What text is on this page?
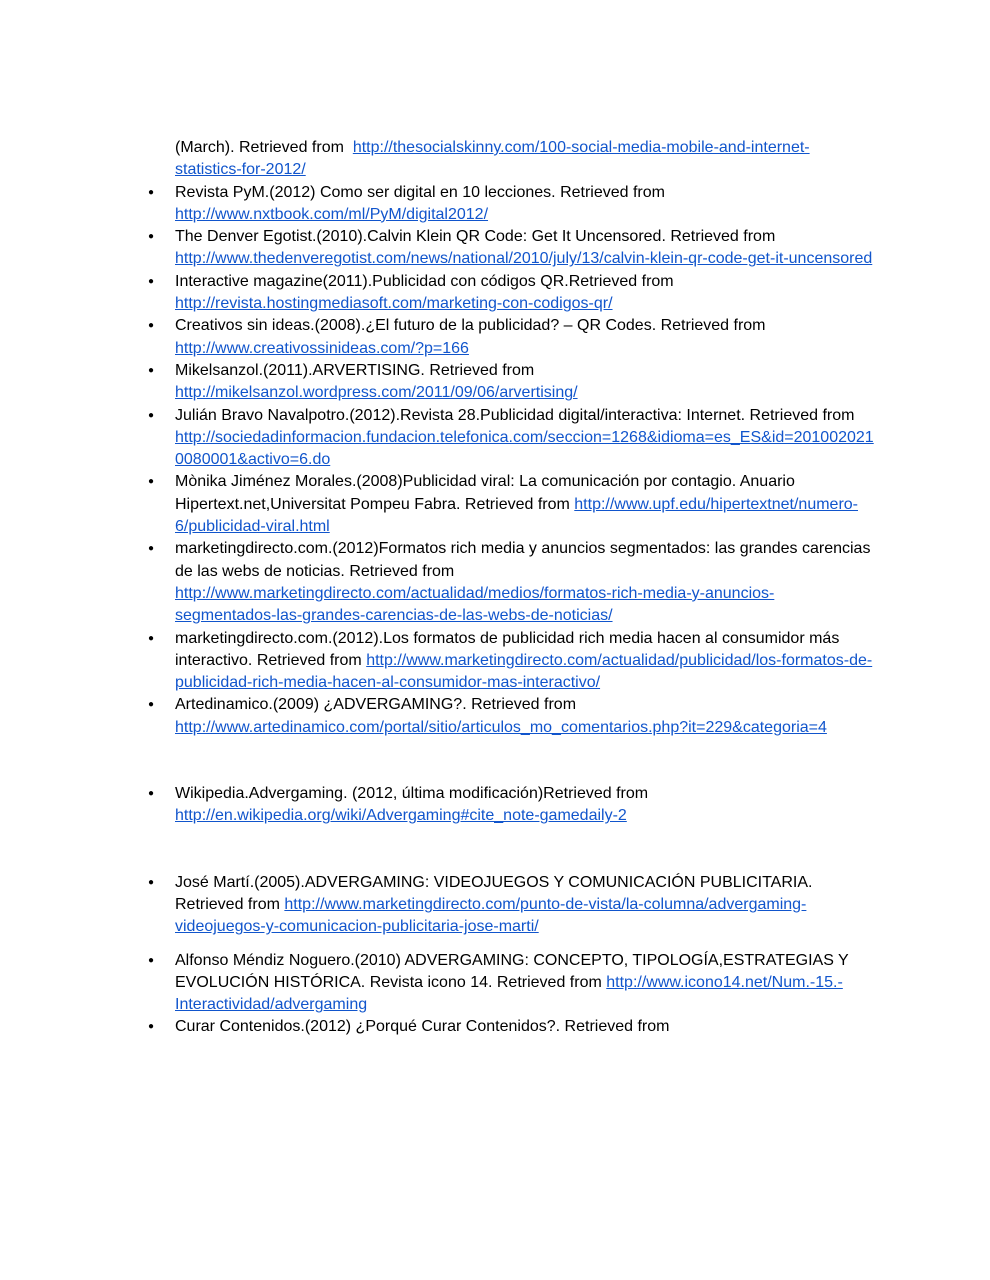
(March). Retrieved from  http://thesocialskinny.com/100-social-media-mobile-and-internet-statistics-for-2012/
● Revista PyM.(2012) Como ser digital en 10 lecciones. Retrieved from http://www.nxtbook.com/ml/PyM/digital2012/
● The Denver Egotist.(2010).Calvin Klein QR Code: Get It Uncensored. Retrieved from http://www.thedenveregotist.com/news/national/2010/july/13/calvin-klein-qr-code-get-it-uncensored
● Interactive magazine(2011).Publicidad con códigos QR.Retrieved from http://revista.hostingmediasoft.com/marketing-con-codigos-qr/
● Creativos sin ideas.(2008).¿El futuro de la publicidad? – QR Codes. Retrieved from  http://www.creativossinideas.com/?p=166
● Mikelsanzol.(2011).ARVERTISING. Retrieved from http://mikelsanzol.wordpress.com/2011/09/06/arvertising/
● Julián Bravo Navalpotro.(2012).Revista 28.Publicidad digital/interactiva: Internet. Retrieved from http://sociedadinformacion.fundacion.telefonica.com/seccion=1268&idioma=es_ES&id=2010020210080001&activo=6.do
● Mònika Jiménez Morales.(2008)Publicidad viral: La comunicación por contagio. Anuario Hipertext.net,Universitat Pompeu Fabra. Retrieved from http://www.upf.edu/hipertextnet/numero-6/publicidad-viral.html
● marketingdirecto.com.(2012)Formatos rich media y anuncios segmentados: las grandes carencias de las webs de noticias. Retrieved from http://www.marketingdirecto.com/actualidad/medios/formatos-rich-media-y-anuncios-segmentados-las-grandes-carencias-de-las-webs-de-noticias/
● marketingdirecto.com.(2012).Los formatos de publicidad rich media hacen al consumidor más interactivo. Retrieved from http://www.marketingdirecto.com/actualidad/publicidad/los-formatos-de-publicidad-rich-media-hacen-al-consumidor-mas-interactivo/
● Artedinamico.(2009) ¿ADVERGAMING?. Retrieved from http://www.artedinamico.com/portal/sitio/articulos_mo_comentarios.php?it=229&categoria=4
● Wikipedia.Advergaming. (2012, última modificación)Retrieved from http://en.wikipedia.org/wiki/Advergaming#cite_note-gamedaily-2
● José Martí.(2005).ADVERGAMING: VIDEOJUEGOS Y COMUNICACIÓN PUBLICITARIA. Retrieved from http://www.marketingdirecto.com/punto-de-vista/la-columna/advergaming-videojuegos-y-comunicacion-publicitaria-jose-marti/
● Alfonso Méndiz Noguero.(2010) ADVERGAMING: CONCEPTO, TIPOLOGÍA,ESTRATEGIAS Y EVOLUCIÓN HISTÓRICA. Revista icono 14. Retrieved from http://www.icono14.net/Num.-15.-Interactividad/advergaming
● Curar Contenidos.(2012) ¿Porqué Curar Contenidos?. Retrieved from
